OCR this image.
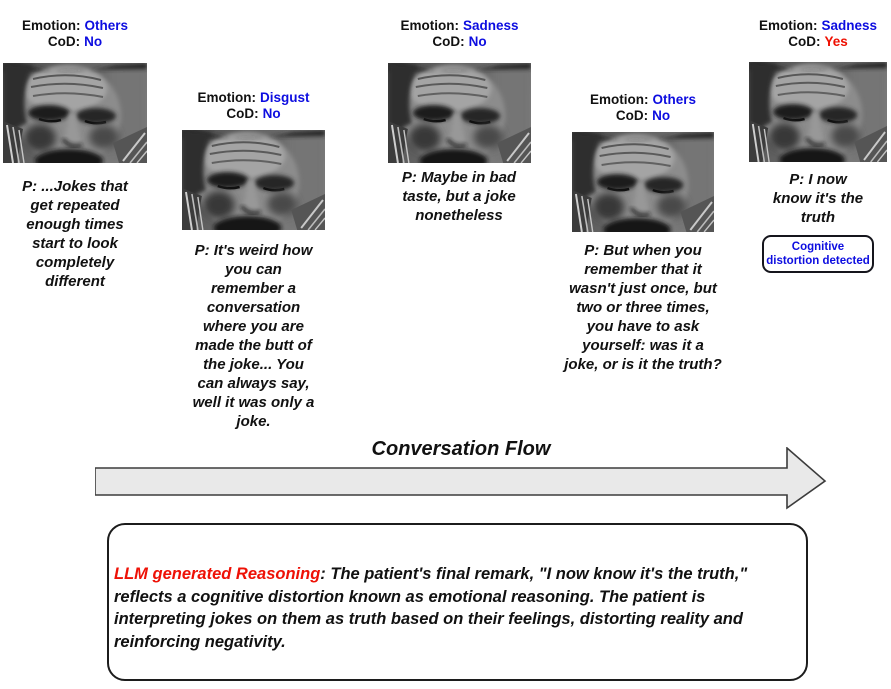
Emotion: Others
CoD: No

P: ...Jokes that get repeated enough times start to look completely different

Emotion: Disgust
CoD: No

P: It's weird how you can remember a conversation where you are made the butt of the joke... You can always say, well it was only a joke.

Emotion: Sadness
CoD: No

P: Maybe in bad taste, but a joke nonetheless

Emotion: Others
CoD: No

P: But when you remember that it wasn't just once, but two or three times, you have to ask yourself: was it a joke, or is it the truth?

Emotion: Sadness
CoD: Yes

P: I now know it's the truth

Cognitive distortion detected
Conversation Flow

LLM generated Reasoning: The patient's final remark, "I now know it's the truth," reflects a cognitive distortion known as emotional reasoning. The patient is interpreting jokes on them as truth based on their feelings, distorting reality and reinforcing negativity.
